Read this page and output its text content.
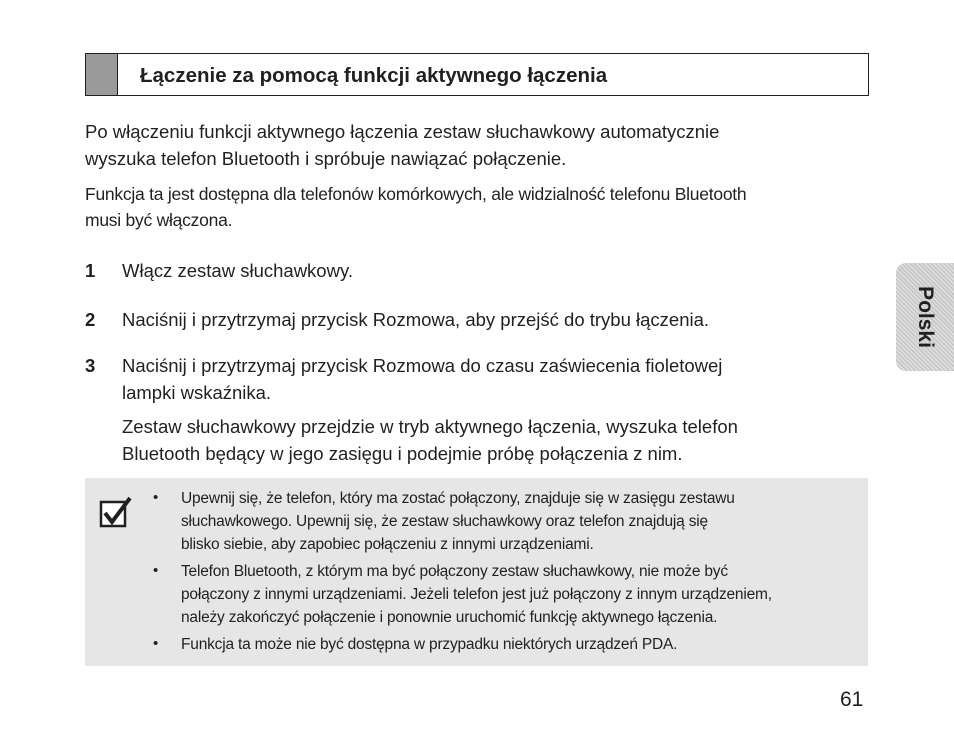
Łączenie za pomocą funkcji aktywnego łączenia
Po włączeniu funkcji aktywnego łączenia zestaw słuchawkowy automatycznie
wyszuka telefon Bluetooth i spróbuje nawiązać połączenie.
Funkcja ta jest dostępna dla telefonów komórkowych, ale widzialność telefonu Bluetooth
musi być włączona.
1 Włącz zestaw słuchawkowy.
2 Naciśnij i przytrzymaj przycisk Rozmowa, aby przejść do trybu łączenia.
3 Naciśnij i przytrzymaj przycisk Rozmowa do czasu zaświecenia fioletowej
lampki wskaźnika.
Zestaw słuchawkowy przejdzie w tryb aktywnego łączenia, wyszuka telefon
Bluetooth będący w jego zasięgu i podejmie próbę połączenia z nim.
• Upewnij się, że telefon, który ma zostać połączony, znajduje się w zasięgu zestawu
słuchawkowego. Upewnij się, że zestaw słuchawkowy oraz telefon znajdują się
blisko siebie, aby zapobiec połączeniu z innymi urządzeniami.
• Telefon Bluetooth, z którym ma być połączony zestaw słuchawkowy, nie może być
połączony z innymi urządzeniami. Jeżeli telefon jest już połączony z innym urządzeniem,
należy zakończyć połączenie i ponownie uruchomić funkcję aktywnego łączenia.
• Funkcja ta może nie być dostępna w przypadku niektórych urządzeń PDA.
Polski
61
